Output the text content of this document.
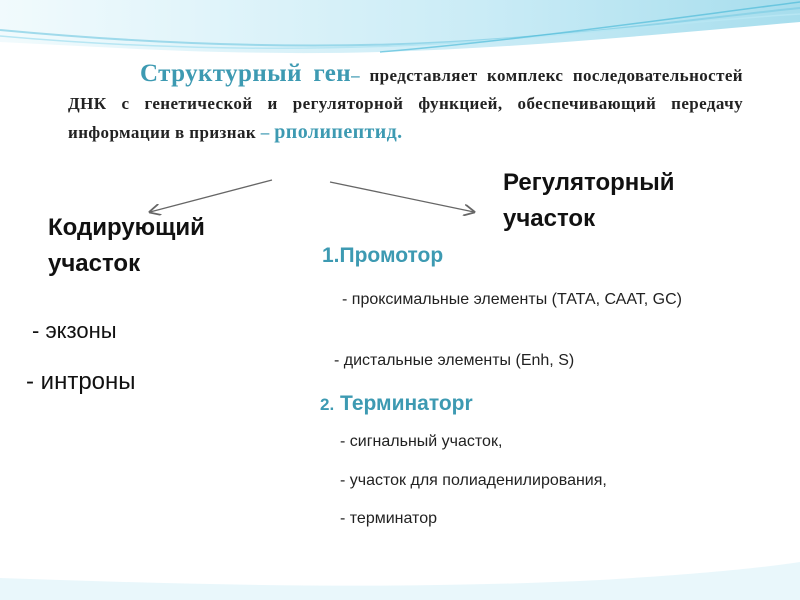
Структурный ген– представляет комплекс последовательностей ДНК с генетической и регуляторной функцией, обеспечивающий передачу информации в признак – рполипептид.
Кодирующий участок
- экзоны
- интроны
Регуляторный участок
1.Промотор
- проксимальные элементы (ТАТА, СААТ, GC)
- дистальные элементы (Enh, S)
2. Терминаторr
- сигнальный участок,
- участок для полиаденилирования,
- терминатор
